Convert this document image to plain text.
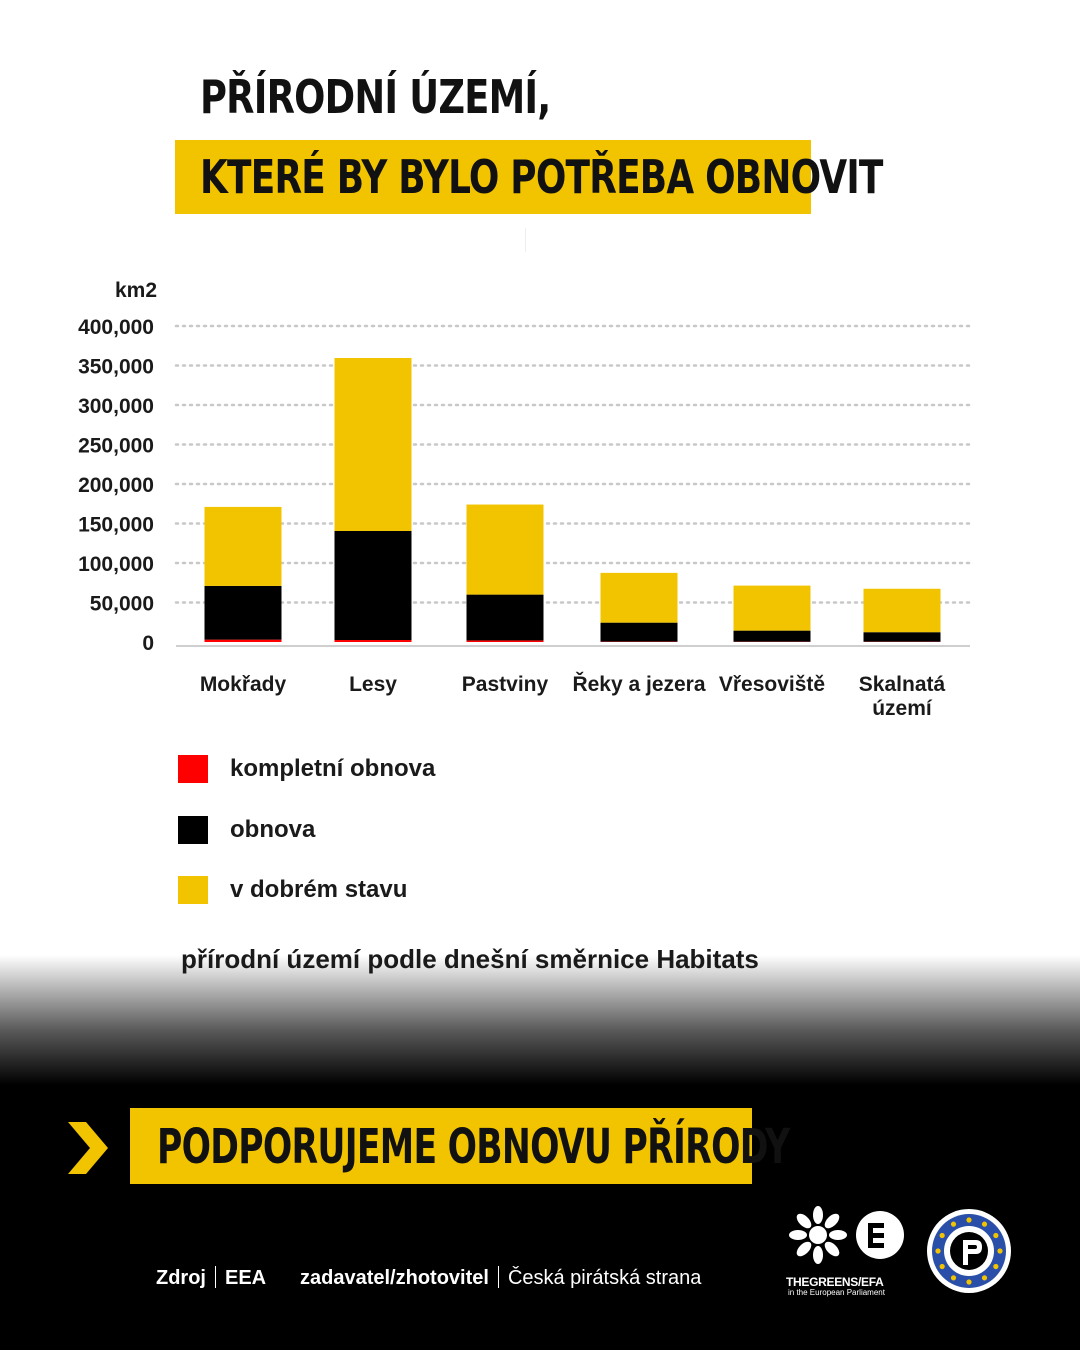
PŘÍRODNÍ ÚZEMÍ,
KTERÉ BY BYLO POTŘEBA OBNOVIT
0
50,000
100,000
150,000
200,000
250,000
300,000
350,000
400,000
Mokřady	Lesy	Pastviny Řeky a jezera Vřesoviště Skalnatá
území
km2
kompletní obnova
obnova
v dobrém stavu
přírodní území podle dnešní směrnice Habitats
PODPORUJEME OBNOVU PŘÍRODY
Zdroj EEA zadavatel/zhotovitel Česká pirátská strana	THEGREENS/EFA
in the European Parliament
